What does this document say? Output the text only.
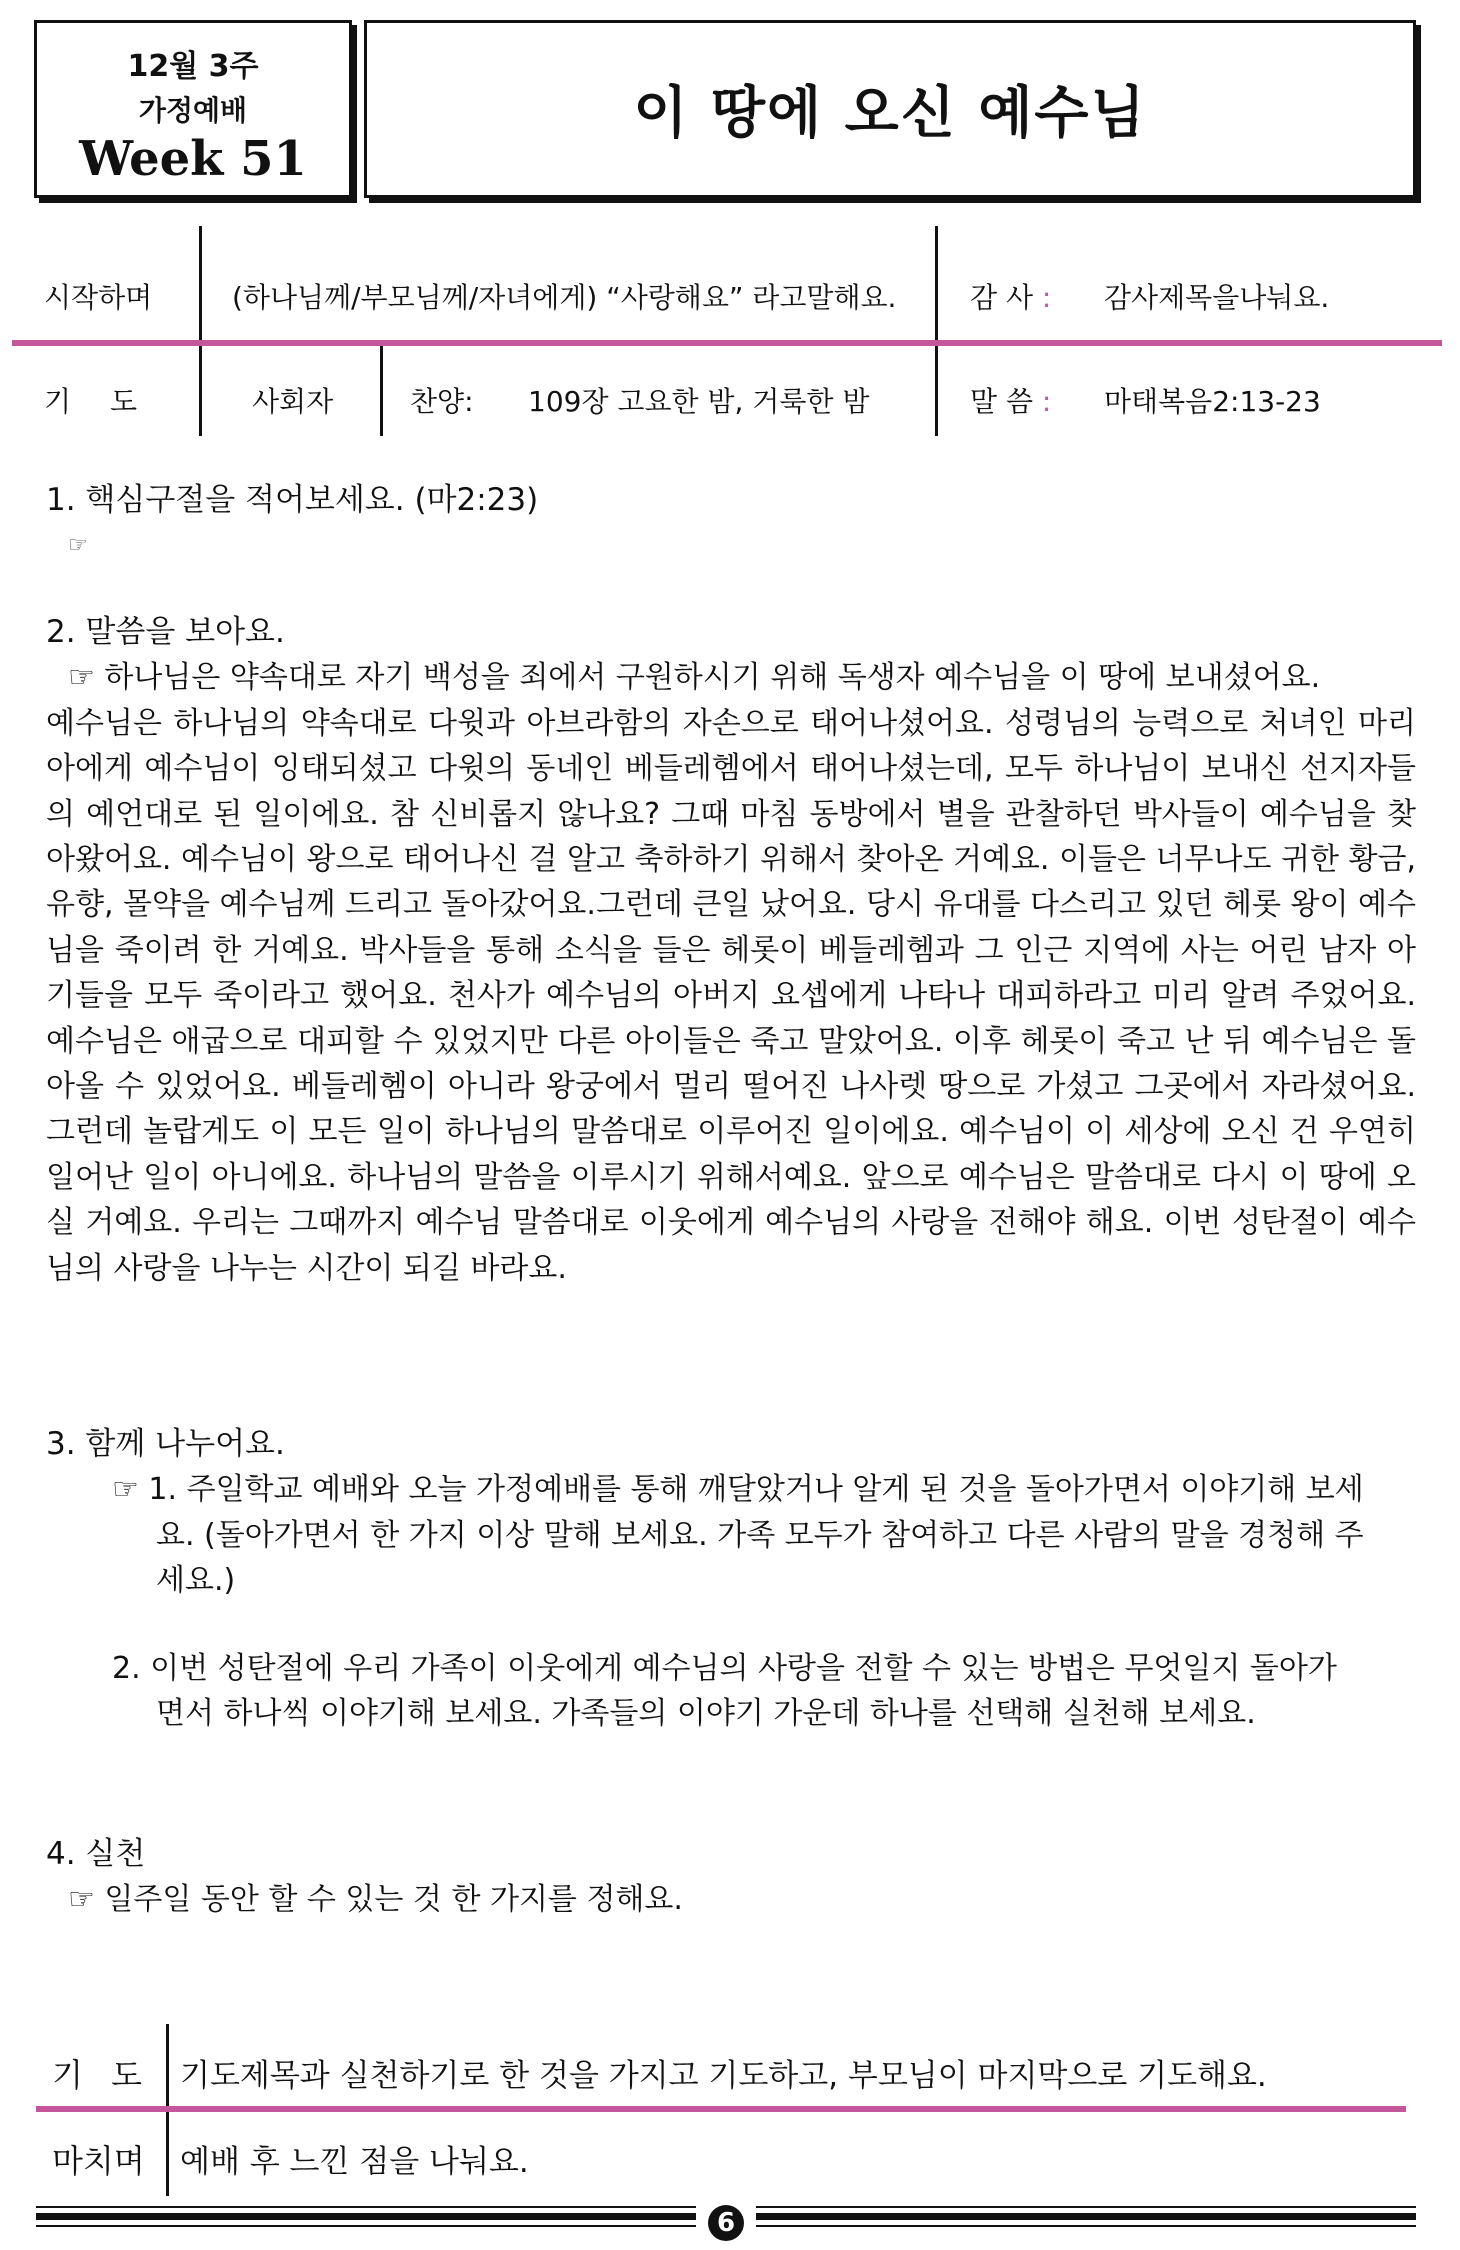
12월 3주
가정예배
Week 51
이 땅에 오신 예수님
시작하며	(하나님께/부모님께/자녀에게) “사랑해요” 라고말해요.	감 사 : 감사제목을나눠요.
기 도	사회자	찬양: 109장 고요한 밤, 거룩한 밤	말 씀 : 마태복음2:13-23

1. 핵심구절을 적어보세요. (마2:23)

☞

2. 말씀을 보아요.

☞ 하나님은 약속대로 자기 백성을 죄에서 구원하시기 위해 독생자 예수님을 이 땅에 보내셨어요.

예수님은 하나님의 약속대로 다윗과 아브라함의 자손으로 태어나셨어요. 성령님의 능력으로 처녀인 마리아에게 예수님이 잉태되셨고 다윗의 동네인 베들레헴에서 태어나셨는데, 모두 하나님이 보내신 선지자들의 예언대로 된 일이에요. 참 신비롭지 않나요? 그때 마침 동방에서 별을 관찰하던 박사들이 예수님을 찾아왔어요. 예수님이 왕으로 태어나신 걸 알고 축하하기 위해서 찾아온 거예요. 이들은 너무나도 귀한 황금, 유향, 몰약을 예수님께 드리고 돌아갔어요.그런데 큰일 났어요. 당시 유대를 다스리고 있던 헤롯 왕이 예수님을 죽이려 한 거예요. 박사들을 통해 소식을 들은 헤롯이 베들레헴과 그 인근 지역에 사는 어린 남자 아기들을 모두 죽이라고 했어요. 천사가 예수님의 아버지 요셉에게 나타나 대피하라고 미리 알려 주었어요. 예수님은 애굽으로 대피할 수 있었지만 다른 아이들은 죽고 말았어요. 이후 헤롯이 죽고 난 뒤 예수님은 돌아올 수 있었어요. 베들레헴이 아니라 왕궁에서 멀리 떨어진 나사렛 땅으로 가셨고 그곳에서 자라셨어요. 그런데 놀랍게도 이 모든 일이 하나님의 말씀대로 이루어진 일이에요. 예수님이 이 세상에 오신 건 우연히 일어난 일이 아니에요. 하나님의 말씀을 이루시기 위해서예요. 앞으로 예수님은 말씀대로 다시 이 땅에 오실 거예요. 우리는 그때까지 예수님 말씀대로 이웃에게 예수님의 사랑을 전해야 해요. 이번 성탄절이 예수님의 사랑을 나누는 시간이 되길 바라요.

3. 함께 나누어요.

☞ 1. 주일학교 예배와 오늘 가정예배를 통해 깨달았거나 알게 된 것을 돌아가면서 이야기해 보세요. (돌아가면서 한 가지 이상 말해 보세요. 가족 모두가 참여하고 다른 사람의 말을 경청해 주세요.)

2. 이번 성탄절에 우리 가족이 이웃에게 예수님의 사랑을 전할 수 있는 방법은 무엇일지 돌아가면서 하나씩 이야기해 보세요. 가족들의 이야기 가운데 하나를 선택해 실천해 보세요.

4. 실천

☞ 일주일 동안 할 수 있는 것 한 가지를 정해요.

기 도 기도제목과 실천하기로 한 것을 가지고 기도하고, 부모님이 마지막으로 기도해요.
마치며 예배 후 느낀 점을 나눠요.
6
